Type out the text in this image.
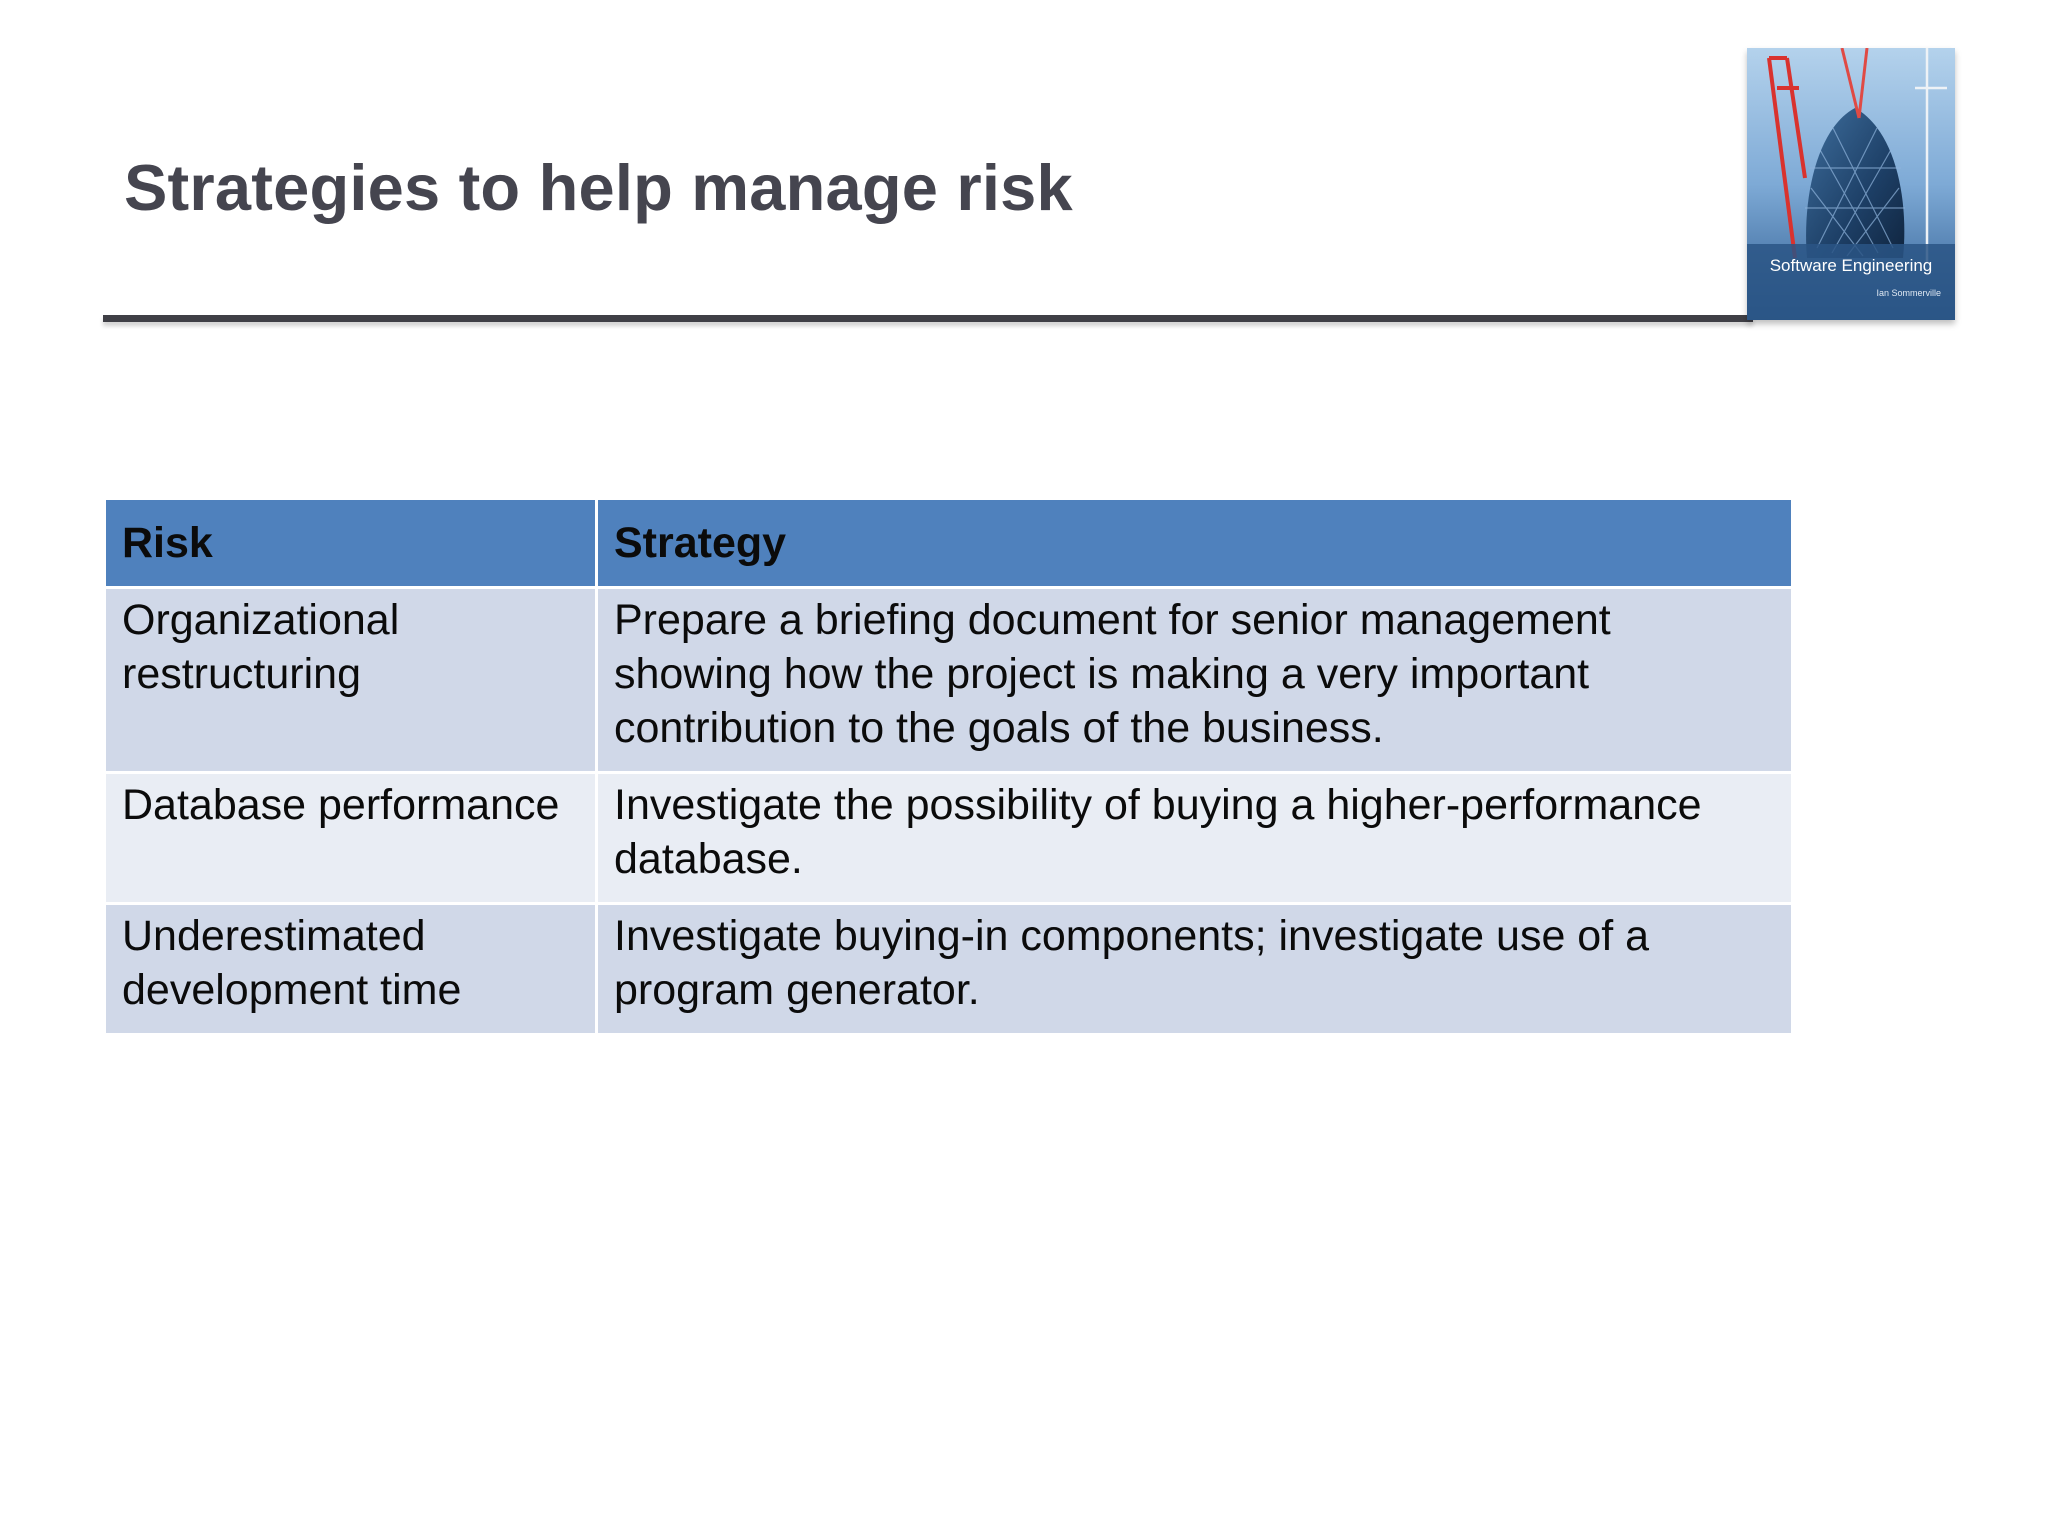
Strategies to help manage risk
Software Engineering
Ian Sommerville
Risk	Strategy
Organizational restructuring	Prepare a briefing document for senior management showing how the project is making a very important contribution to the goals of the business.
Database performance	Investigate the possibility of buying a higher-performance database.
Underestimated development time	Investigate buying-in components; investigate use of a program generator.
